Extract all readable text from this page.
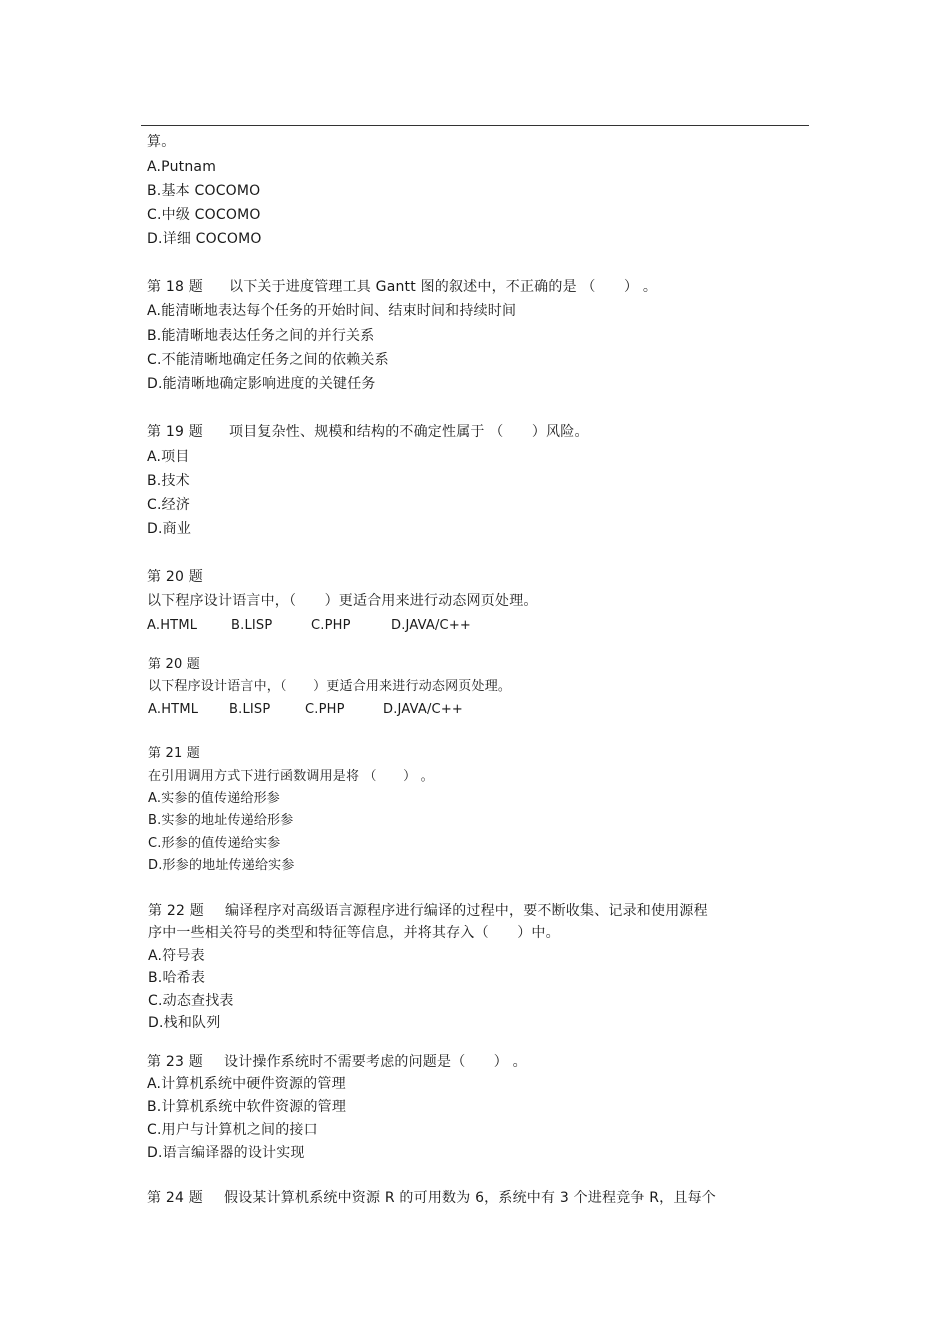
算。
A.Putnam
B.基本 COCOMO
C.中级 COCOMO
D.详细 COCOMO
第 18 题 以下关于进度管理工具 Gantt 图的叙述中，不正确的是 （　　） 。
A.能清晰地表达每个任务的开始时间、结束时间和持续时间
B.能清晰地表达任务之间的并行关系
C.不能清晰地确定任务之间的依赖关系
D.能清晰地确定影响进度的关键任务
第 19 题 项目复杂性、规模和结构的不确定性属于 （　　）风险。
A.项目
B.技术
C.经济
D.商业
第 20 题
以下程序设计语言中，（　　）更适合用来进行动态网页处理。
A.HTML	B.LISP	C.PHP	D.JAVA/C++
第 20 题
以下程序设计语言中，（　　）更适合用来进行动态网页处理。
A.HTML	B.LISP	C.PHP	D.JAVA/C++
第 21 题
在引用调用方式下进行函数调用是将 （　　） 。
A.实参的值传递给形参
B.实参的地址传递给形参
C.形参的值传递给实参
D.形参的地址传递给实参
第 22 题 编译程序对高级语言源程序进行编译的过程中，要不断收集、记录和使用源程
序中一些相关符号的类型和特征等信息，并将其存入（　　）中。
A.符号表
B.哈希表
C.动态查找表
D.栈和队列
第 23 题 设计操作系统时不需要考虑的问题是（　　） 。
A.计算机系统中硬件资源的管理
B.计算机系统中软件资源的管理
C.用户与计算机之间的接口
D.语言编译器的设计实现
第 24 题 假设某计算机系统中资源 R 的可用数为 6，系统中有 3 个进程竞争 R，且每个
